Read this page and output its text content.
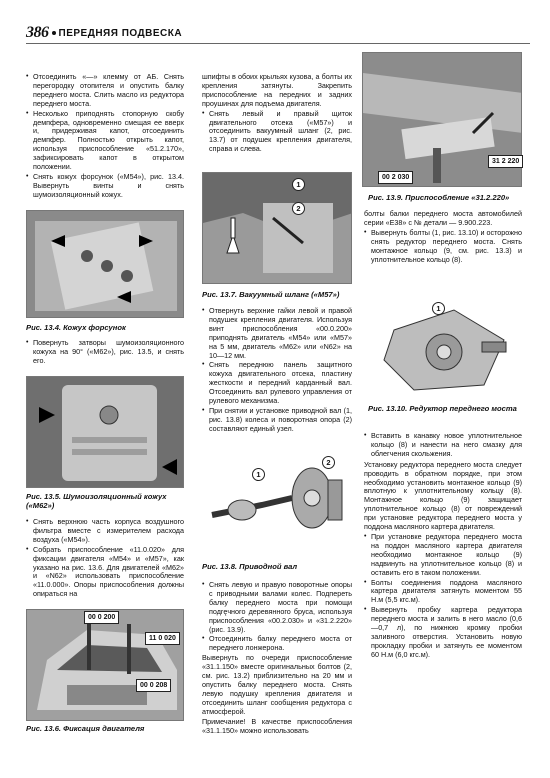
386 ПЕРЕДНЯЯ ПОДВЕСКА
• Отсоединить «—» клемму от АБ. Снять перегородку отопителя и опустить балку переднего моста. Слить масло из редуктора переднего моста.
• Несколько приподнять стопорную скобу демпфера, одновременно смещая ее вверх и, придерживая капот, отсоединить демпфер. Полностью открыть капот, используя приспособление «51.2.170», зафиксировать капот в открытом положении.
• Снять кожух форсунок («М54»), рис. 13.4. Вывернуть винты и снять шумоизоляционный кожух.
Рис. 13.4. Кожух форсунок
• Повернуть затворы шумоизоляционного кожуха на 90° («М62»), рис. 13.5, и снять его.
Рис. 13.5. Шумоизоляционный кожух («М62»)
• Снять верхнюю часть корпуса воздушного фильтра вместе с измерителем расхода воздуха («М54»).
• Собрать приспособление «11.0.020» для фиксации двигателя «М54» и «М57», как указано на рис. 13.6. Для двигателей «М62» и «N62» использовать приспособление «11.0.000». Опоры приспособления должны опираться на
00 0 200
11 0 020
00 0 208
Рис. 13.6. Фиксация двигателя

шпифты в обоих крыльях кузова, а болты их крепления затянуты. Закрепить приспособление на передних и задних проушинах для подъема двигателя.

• Снять левый и правый щиток двигательного отсека («М57») и отсоединить вакуумный шланг (2, рис. 13.7) от подушек крепления двигателя, справа и слева.
1
2
Рис. 13.7. Вакуумный шланг («М57»)
• Отвернуть верхние гайки левой и правой подушек крепления двигателя. Используя винт приспособления «00.0.200» приподнять двигатель «М54» или «М57» на 5 мм, двигатель «М62» или «N62» на 10—12 мм.
• Снять переднюю панель защитного кожуха двигательного отсека, пластину жесткости и передний карданный вал. Отсоединить вал рулевого управления от рулевого механизма.
• При снятии и установке приводной вал (1, рис. 13.8) колеса и поворотная опора (2) составляют единый узел.
1
2
Рис. 13.8. Приводной вал
• Снять левую и правую поворотные опоры с приводными валами колес. Подпереть балку переднего моста при помощи подręчного деревянного бруса, используя приспособления «00.2.030» и «31.2.220» (рис. 13.9).
• Отсоединить балку переднего моста от переднего лонжерона.

Вывернуть по очереди приспособление «31.1.150» вместе оригинальных болтов (2, см. рис. 13.2) приблизительно на 20 мм и опустить балку переднего моста. Снять левую подушку крепления двигателя и отсоединить шланг сообщения редуктора с атмосферой.

Примечание! В качестве приспособления «31.1.150» можно использовать

31 2 220
00 2 030
Рис. 13.9. Приспособление «31.2.220»

болты балки переднего моста автомобилей серии «Е38» с № детали — 9.900.223.

• Вывернуть болты (1, рис. 13.10) и осторожно снять редуктор переднего моста. Снять монтажное кольцо (9, см. рис. 13.3) и уплотнительное кольцо (8).
1
Рис. 13.10. Редуктор переднего моста
• Вставить в канавку новое уплотнительное кольцо (8) и нанести на него смазку для облегчения скольжения.

Установку редуктора переднего моста следует проводить в обратном порядке, при этом необходимо установить монтажное кольцо (9) вплотную к уплотнительному кольцу (8). Монтажное кольцо (9) защищает уплотнительное кольцо (8) от повреждений при установке редуктора переднего моста у поддона масляного картера двигателя.

• При установке редуктора переднего моста на поддон масляного картера двигателя необходимо монтажное кольцо (9) надвинуть на уплотнительное кольцо (8) и оставить его в таком положении.
• Болты соединения поддона масляного картера двигателя затянуть моментом 55 Н.м (5,5 кгс.м).
• Вывернуть пробку картера редуктора переднего моста и залить в него масло (0,6—0,7 л), по нижнюю кромку пробки заливного отверстия. Установить новую прокладку пробки и затянуть ее моментом 60 Н.м (6,0 кгс.м).
